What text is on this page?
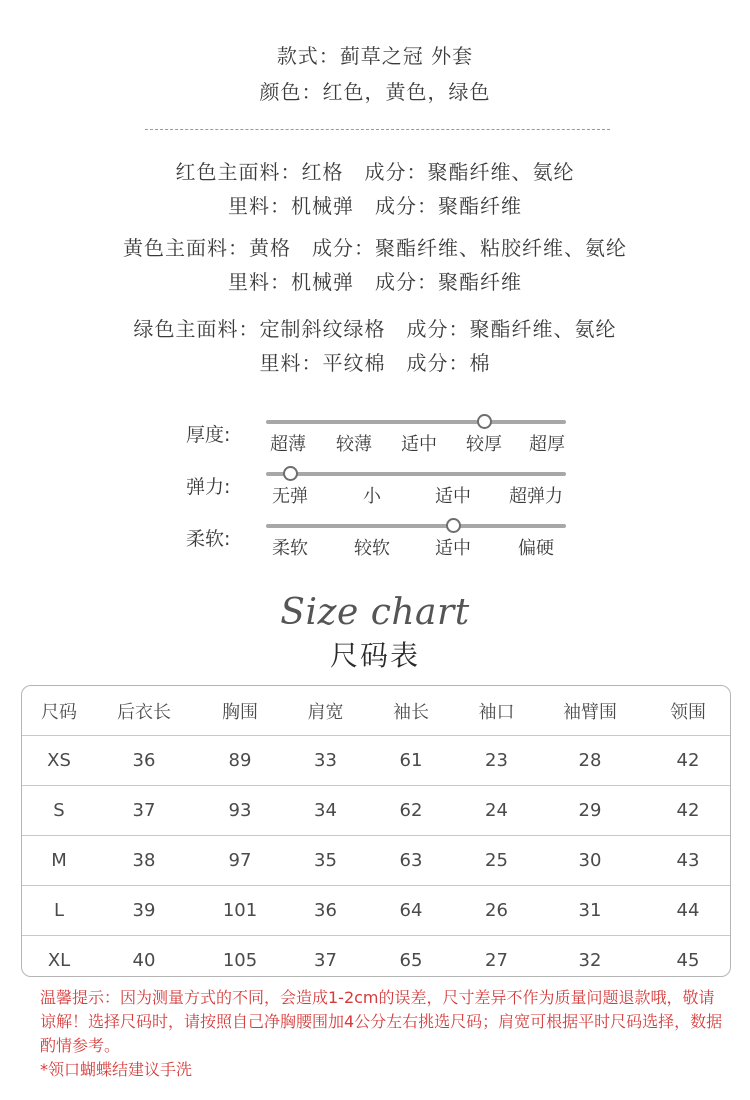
款式：蓟草之冠 外套
颜色：红色，黄色，绿色
红色主面料：红格　成分：聚酯纤维、氨纶
里料：机械弹　成分：聚酯纤维
黄色主面料：黄格　成分：聚酯纤维、粘胶纤维、氨纶
里料：机械弹　成分：聚酯纤维
绿色主面料：定制斜纹绿格　成分：聚酯纤维、氨纶
里料：平纹棉　成分：棉
厚度: 超薄 较薄 适中 较厚 超厚
弹力: 无弹	小	适中 超弹力
柔软: 柔软	较软	适中	偏硬
Size chart
尺码表
尺码	后衣长	胸围	肩宽	袖长	袖口	袖臂围	领围
XS	36	89	33	61	23	28	42
S	37	93	34	62	24	29	42
M	38	97	35	63	25	30	43
L	39	101	36	64	26	31	44
XL	40	105	37	65	27	32	45
温馨提示：因为测量方式的不同，会造成1-2cm的误差，尺寸差异不作为质量问题退款哦，敬请谅解！选择尺码时，请按照自己净胸腰围加4公分左右挑选尺码；肩宽可根据平时尺码选择，数据酌情参考。
*领口蝴蝶结建议手洗
